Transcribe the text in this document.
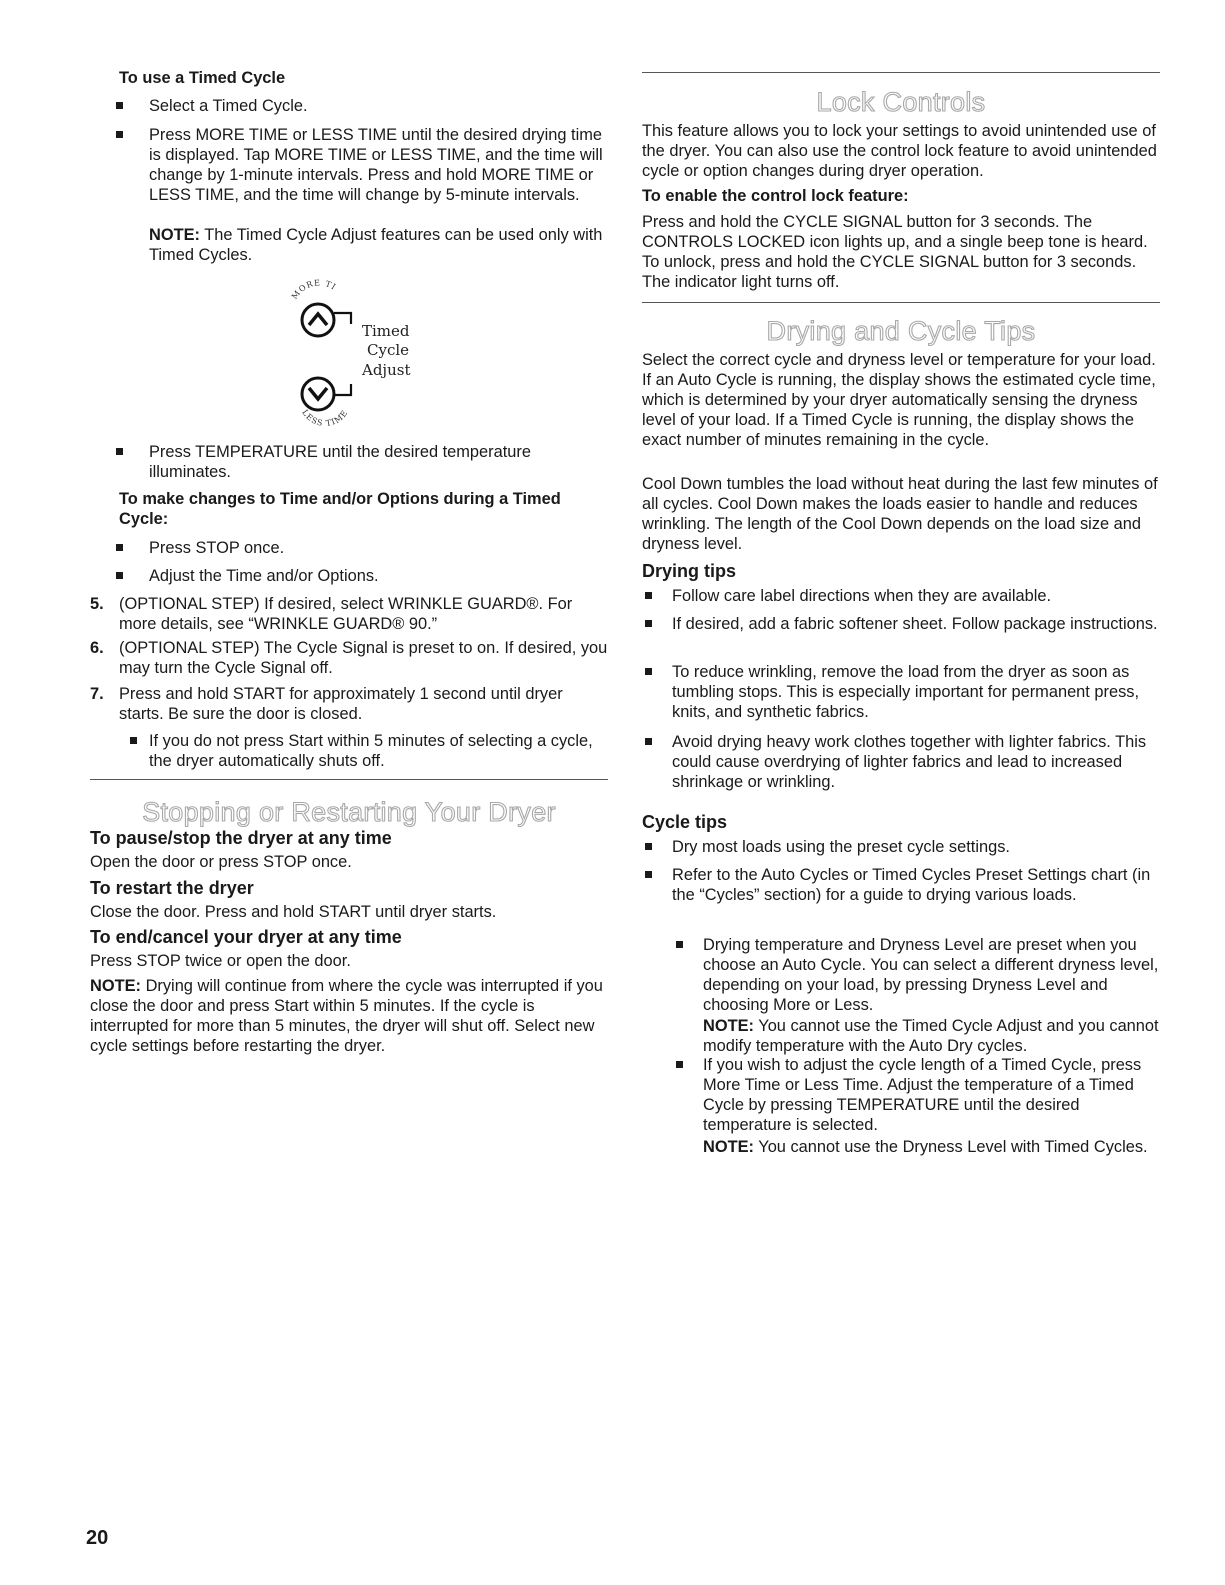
To use a Timed Cycle
Select a Timed Cycle.
Press MORE TIME or LESS TIME until the desired drying time is displayed. Tap MORE TIME or LESS TIME, and the time will change by 1-minute intervals. Press and hold MORE TIME or LESS TIME, and the time will change by 5-minute intervals.
NOTE: The Timed Cycle Adjust features can be used only with Timed Cycles.
MORE TI
LESS TIME
Timed
Cycle
Adjust
Press TEMPERATURE until the desired temperature illuminates.
To make changes to Time and/or Options during a Timed Cycle:
Press STOP once.
Adjust the Time and/or Options.
5. (OPTIONAL STEP) If desired, select WRINKLE GUARD®. For more details, see “WRINKLE GUARD® 90.”
6. (OPTIONAL STEP) The Cycle Signal is preset to on. If desired, you may turn the Cycle Signal off.
7. Press and hold START for approximately 1 second until dryer starts. Be sure the door is closed.
If you do not press Start within 5 minutes of selecting a cycle, the dryer automatically shuts off.
Stopping or Restarting Your Dryer
To pause/stop the dryer at any time
Open the door or press STOP once.
To restart the dryer
Close the door. Press and hold START until dryer starts.
To end/cancel your dryer at any time
Press STOP twice or open the door.
NOTE: Drying will continue from where the cycle was interrupted if you close the door and press Start within 5 minutes. If the cycle is interrupted for more than 5 minutes, the dryer will shut off. Select new cycle settings before restarting the dryer.
Lock Controls
This feature allows you to lock your settings to avoid unintended use of the dryer. You can also use the control lock feature to avoid unintended cycle or option changes during dryer operation.
To enable the control lock feature:
Press and hold the CYCLE SIGNAL button for 3 seconds. The CONTROLS LOCKED icon lights up, and a single beep tone is heard. To unlock, press and hold the CYCLE SIGNAL button for 3 seconds. The indicator light turns off.
Drying and Cycle Tips
Select the correct cycle and dryness level or temperature for your load. If an Auto Cycle is running, the display shows the estimated cycle time, which is determined by your dryer automatically sensing the dryness level of your load. If a Timed Cycle is running, the display shows the exact number of minutes remaining in the cycle.
Cool Down tumbles the load without heat during the last few minutes of all cycles. Cool Down makes the loads easier to handle and reduces wrinkling. The length of the Cool Down depends on the load size and dryness level.
Drying tips
Follow care label directions when they are available.
If desired, add a fabric softener sheet. Follow package instructions.
To reduce wrinkling, remove the load from the dryer as soon as tumbling stops. This is especially important for permanent press, knits, and synthetic fabrics.
Avoid drying heavy work clothes together with lighter fabrics. This could cause overdrying of lighter fabrics and lead to increased shrinkage or wrinkling.
Cycle tips
Dry most loads using the preset cycle settings.
Refer to the Auto Cycles or Timed Cycles Preset Settings chart (in the “Cycles” section) for a guide to drying various loads.
Drying temperature and Dryness Level are preset when you choose an Auto Cycle. You can select a different dryness level, depending on your load, by pressing Dryness Level and choosing More or Less.
NOTE: You cannot use the Timed Cycle Adjust and you cannot modify temperature with the Auto Dry cycles.
If you wish to adjust the cycle length of a Timed Cycle, press More Time or Less Time. Adjust the temperature of a Timed Cycle by pressing TEMPERATURE until the desired temperature is selected.
NOTE: You cannot use the Dryness Level with Timed Cycles.
20
